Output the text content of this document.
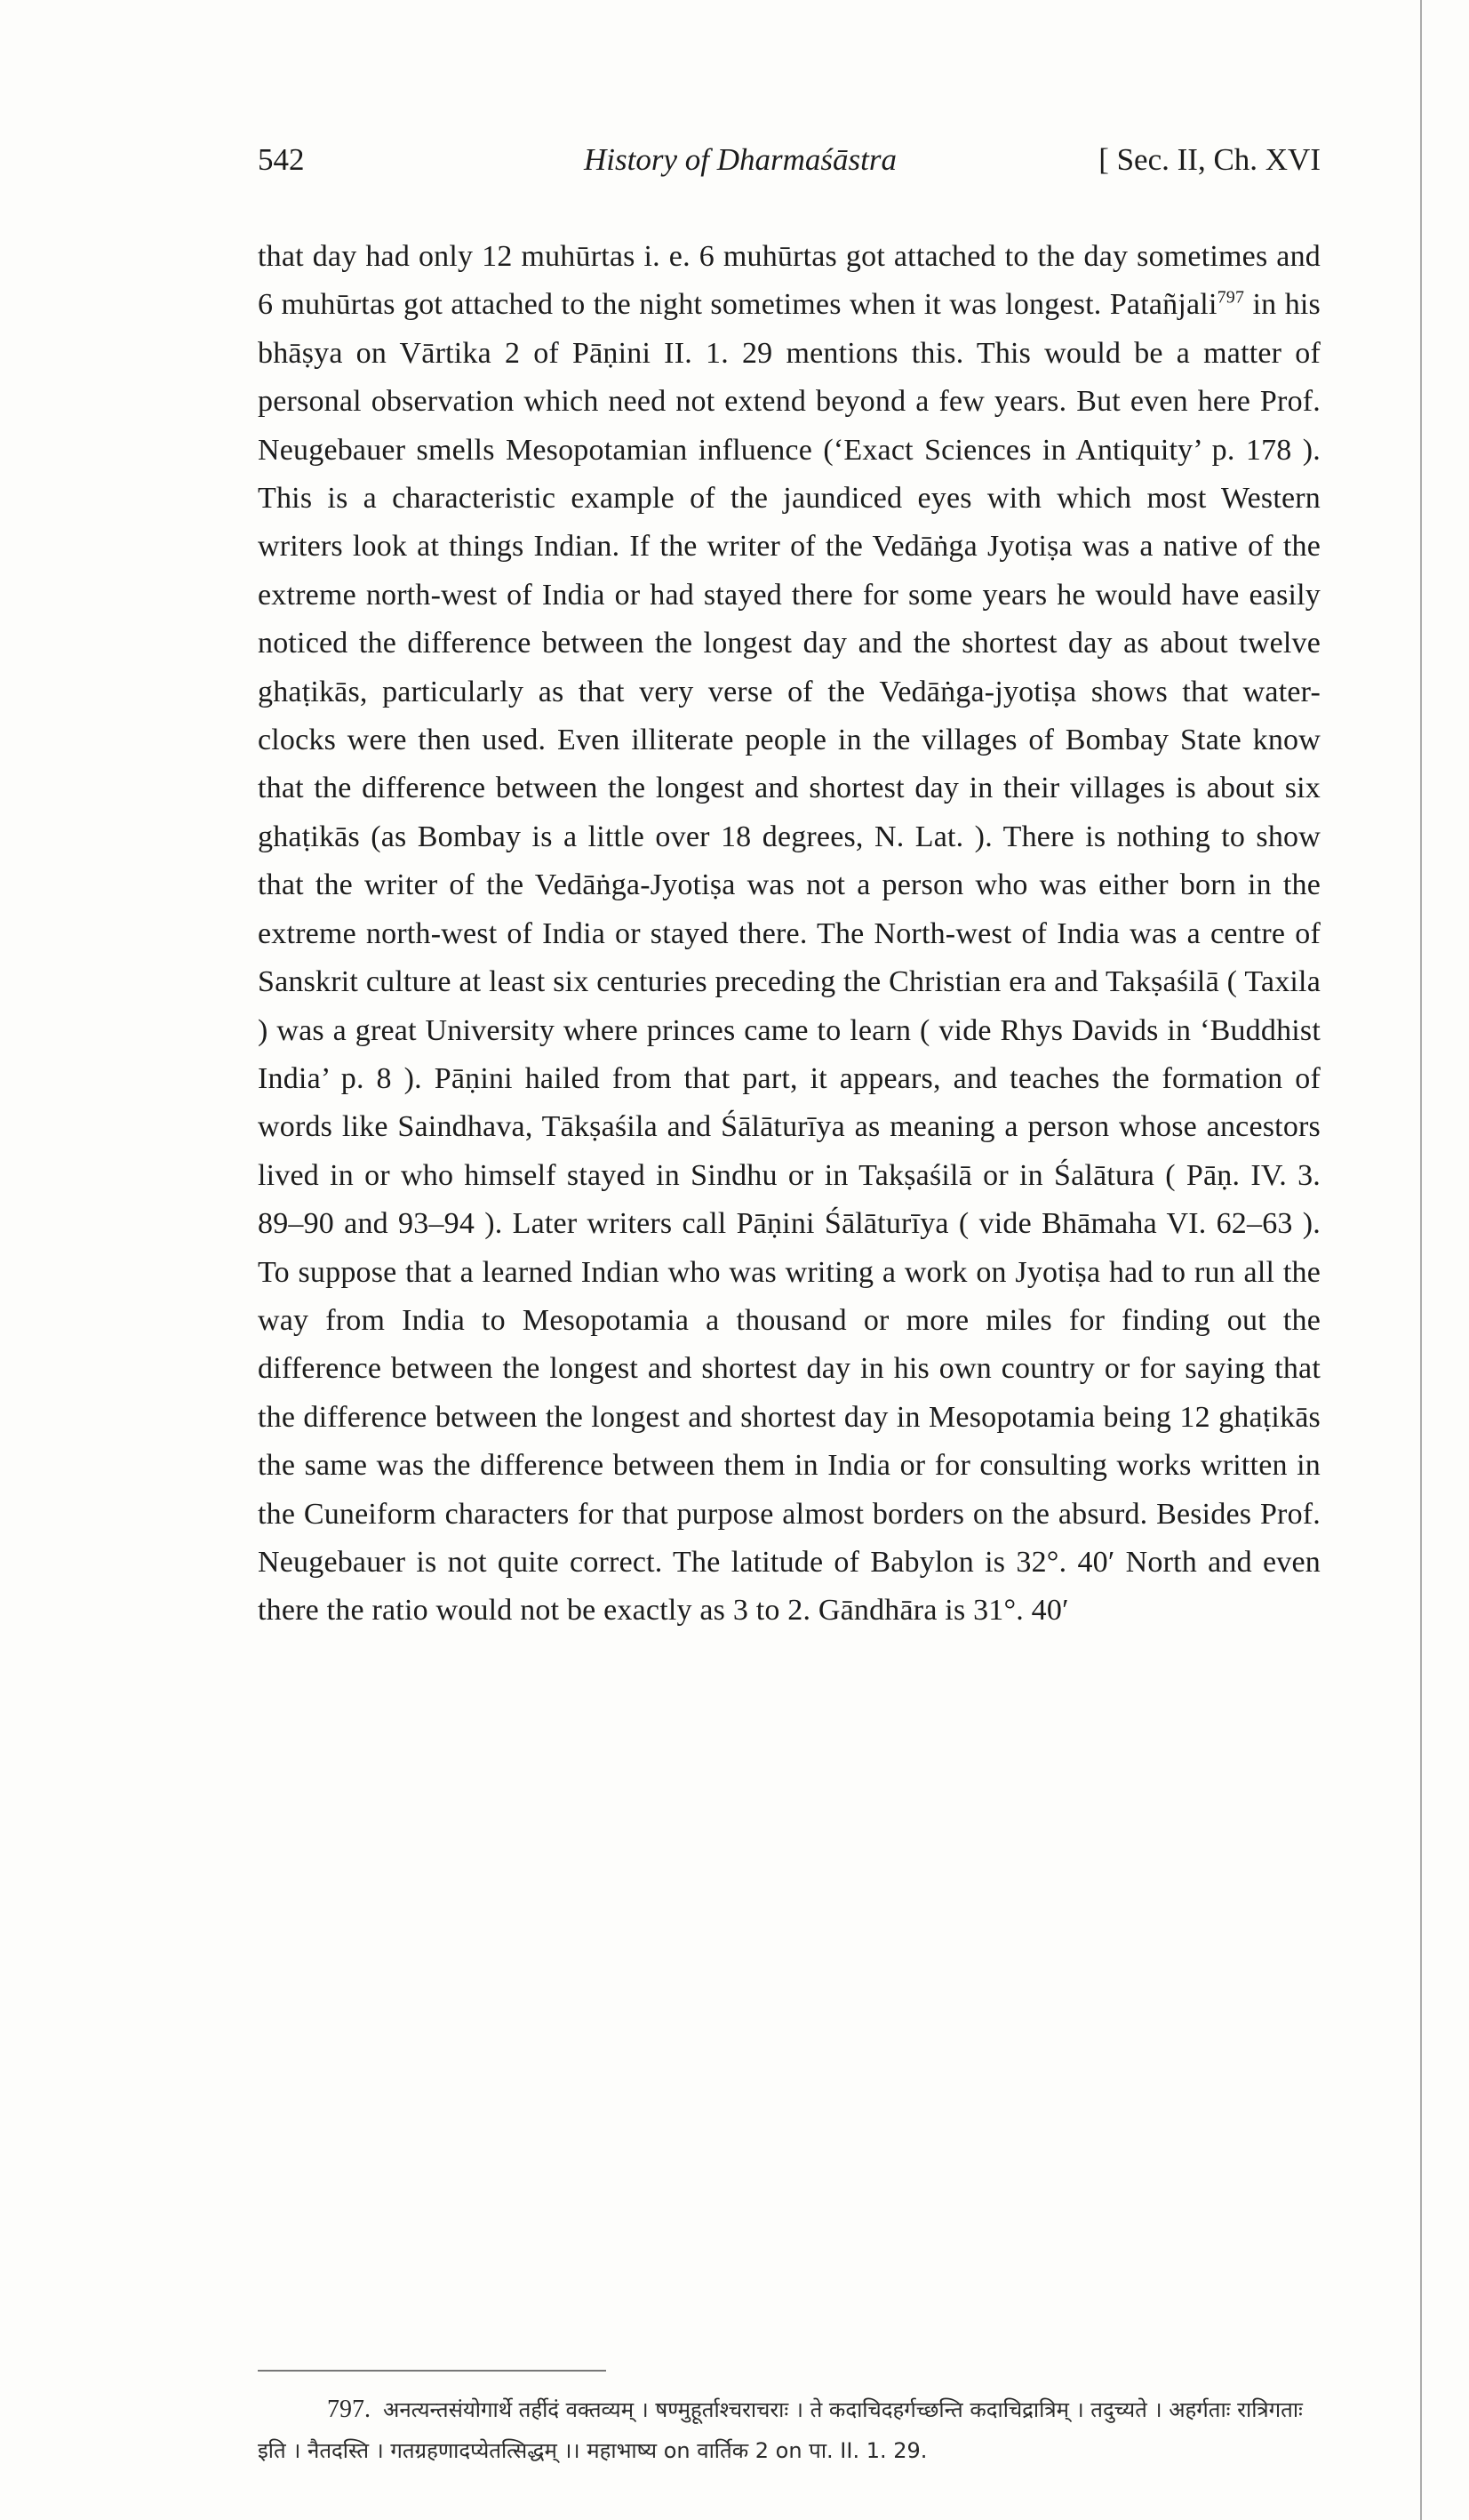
542	History of Dharmaśāstra	[ Sec. II, Ch. XVI
that day had only 12 muhūrtas i. e. 6 muhūrtas got attached to the day sometimes and 6 muhūrtas got attached to the night sometimes when it was longest. Patañjali$^{797}$ in his bhāṣya on Vārtika 2 of Pāṇini II. 1. 29 mentions this. This would be a matter of personal observation which need not extend beyond a few years. But even here Prof. Neugebauer smells Mesopotamian influence (‘Exact Sciences in Antiquity’ p. 178 ). This is a characteristic example of the jaundiced eyes with which most Western writers look at things Indian. If the writer of the Vedāṅga Jyotiṣa was a native of the extreme north-west of India or had stayed there for some years he would have easily noticed the difference between the longest day and the shortest day as about twelve ghaṭikās, particularly as that very verse of the Vedāṅga-jyotiṣa shows that water-clocks were then used. Even illiterate people in the villages of Bombay State know that the difference between the longest and shortest day in their villages is about six ghaṭikās (as Bombay is a little over 18 degrees, N. Lat. ). There is nothing to show that the writer of the Vedāṅga-Jyotiṣa was not a person who was either born in the extreme north-west of India or stayed there. The North-west of India was a centre of Sanskrit culture at least six centuries preceding the Christian era and Takṣaśilā ( Taxila ) was a great University where princes came to learn ( vide Rhys Davids in ‘Buddhist India’ p. 8 ). Pāṇini hailed from that part, it appears, and teaches the formation of words like Saindhava, Tākṣaśila and Śālāturīya as meaning a person whose ancestors lived in or who himself stayed in Sindhu or in Takṣaśilā or in Śalātura ( Pāṇ. IV. 3. 89–90 and 93–94 ). Later writers call Pāṇini Śālāturīya ( vide Bhāmaha VI. 62–63 ). To suppose that a learned Indian who was writing a work on Jyotiṣa had to run all the way from India to Mesopotamia a thousand or more miles for finding out the difference between the longest and shortest day in his own country or for saying that the difference between the longest and shortest day in Mesopotamia being 12 ghaṭikās the same was the difference between them in India or for consulting works written in the Cuneiform characters for that purpose almost borders on the absurd. Besides Prof. Neugebauer is not quite correct. The latitude of Babylon is 32°. 40′ North and even there the ratio would not be exactly as 3 to 2. Gāndhāra is 31°. 40′
797. अनत्यन्तसंयोगार्थे तर्हीदं वक्तव्यम् । षण्मुहूर्ताश्चराचराः । ते कदाचिदहर्गच्छन्ति कदाचिद्रात्रिम् । तदुच्यते । अहर्गताः रात्रिगताः इति । नैतदस्ति । गतग्रहणादप्येतत्सिद्धम् ।। महाभाष्य on वार्तिक 2 on पा. II. 1. 29.
